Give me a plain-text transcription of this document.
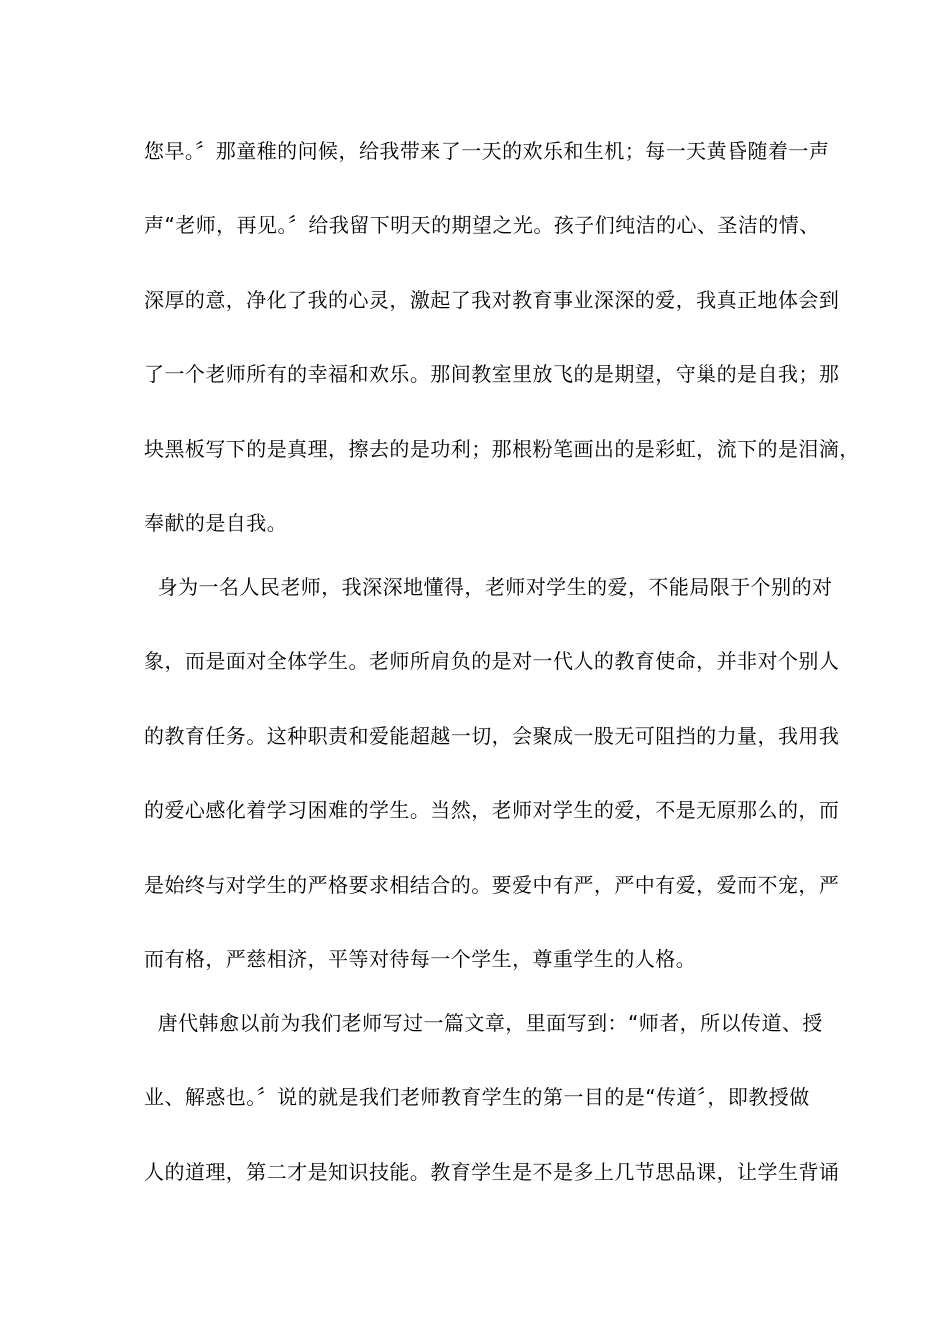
您早。〞那童稚的问候，给我带来了一天的欢乐和生机；每一天黄昏随着一声
声“老师，再见。〞给我留下明天的期望之光。孩子们纯洁的心、圣洁的情、
深厚的意，净化了我的心灵，激起了我对教育事业深深的爱，我真正地体会到
了一个老师所有的幸福和欢乐。那间教室里放飞的是期望，守巢的是自我；那
块黑板写下的是真理，擦去的是功利；那根粉笔画出的是彩虹，流下的是泪滴，
奉献的是自我。
身为一名人民老师，我深深地懂得，老师对学生的爱，不能局限于个别的对
象，而是面对全体学生。老师所肩负的是对一代人的教育使命，并非对个别人
的教育任务。这种职责和爱能超越一切，会聚成一股无可阻挡的力量，我用我
的爱心感化着学习困难的学生。当然，老师对学生的爱，不是无原那么的，而
是始终与对学生的严格要求相结合的。要爱中有严，严中有爱，爱而不宠，严
而有格，严慈相济，平等对待每一个学生，尊重学生的人格。
唐代韩愈以前为我们老师写过一篇文章，里面写到：“师者，所以传道、授
业、解惑也。〞说的就是我们老师教育学生的第一目的是“传道〞，即教授做
人的道理，第二才是知识技能。教育学生是不是多上几节思品课，让学生背诵
